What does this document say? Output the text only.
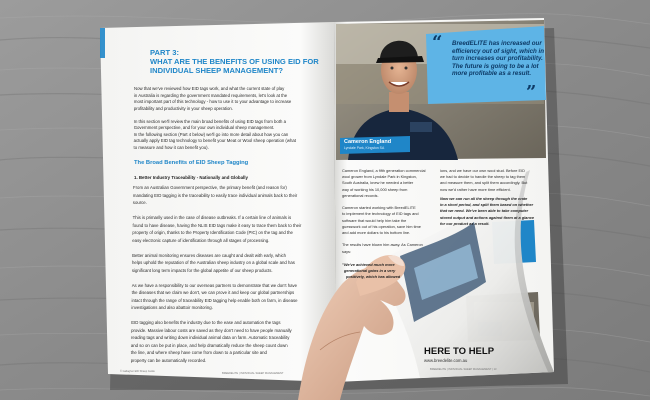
“
”
PART 3:
WHAT ARE THE BENEFITS OF USING EID FOR
INDIVIDUAL SHEEP MANAGEMENT?
Now that we've reviewed how EID tags work, and what the current state of play
in Australia is regarding the government mandated requirements, let's look at the
most important part of this technology - how to use it to your advantage to increase
profitability and productivity in your sheep operation.
In this section we'll review the main broad benefits of using EID tags from both a
Government perspective, and for your own individual sheep management.
In the following section (Part 4 below) we'll go into more detail about how you can
actually apply EID tag technology to benefit your Meat or Wool sheep operation (what
to measure and how it can benefit you).
The Broad Benefits of EID Sheep Tagging
1. Better Industry Traceability - Nationally and Globally
From an Australian Government perspective, the primary benefit (and reason for)
mandating EID tagging is the traceability to easily trace individual animals back to their
source.
This is primarily used in the case of disease outbreaks. If a certain line of animals is
found to have disease, having the NLIS EID tags make it easy to trace them back to their
property of origin, thanks to the Property Identification Code (PIC) on the tag and the
easy electronic capture of identification through all stages of processing.
Better animal monitoring ensures diseases are caught and dealt with early, which
helps uphold the reputation of the Australian sheep industry on a global scale and has
significant long term impacts for the global appetite of our sheep products.
As we have a responsibility to our overseas partners to demonstrate that we don't have
the diseases that we claim we don't, we can prove it and keep our global partnerships
intact through the range of traceability EID tagging help enable both on farm, in disease
investigations and also abattoir monitoring.
EID tagging also benefits the industry due to the ease and automation the tags
provide. Massive labour costs are saved as they don't need to have people manually
reading tags and writing down individual animal data on farm. Automatic traceability
and so on can be put in place, and help dramatically reduce the sheep count down
the line, and where sheep have come from down to a particular site and
property can be automatically recorded.
© Gallagher EID Sheep Guide
BREEDELITE | INDIVIDUAL SHEEP MANAGEMENT
BreedELITE has increased our efficiency out of sight, which in turn increases our profitability. The future is going to be a lot more profitable as a result.
Cameron England
Lyndale Park, Kingston SA
Cameron England, a fifth generation commercial
wool grower from Lyndale Park in Kingston,
South Australia, knew he needed a better
way of working his 10,000 sheep from
generational records.
Cameron started working with BreedELITE
to implement the technology of EID tags and
software that would help him take the
guesswork out of his operation, save him time
and add more dollars to his bottom line.
The results have blown him away. As Cameron
says:
"We've achieved much more
generational gains in a very
positively, which has allowed
ions, and we have our own wool stud. Before EID
we had to decide to handle the sheep to tag them
and measure them, and split them accordingly. But
now we'd rather have more time efficient.
Now we can run all the sheep through the crate
in a short period, and split them based on whether
that we need. We've been able to take computer
stored output and actions against them at a glance
for our product as a result.
HERE TO HELP
www.breedelite.com.au
BREEDELITE | INDIVIDUAL SHEEP MANAGEMENT | 13
